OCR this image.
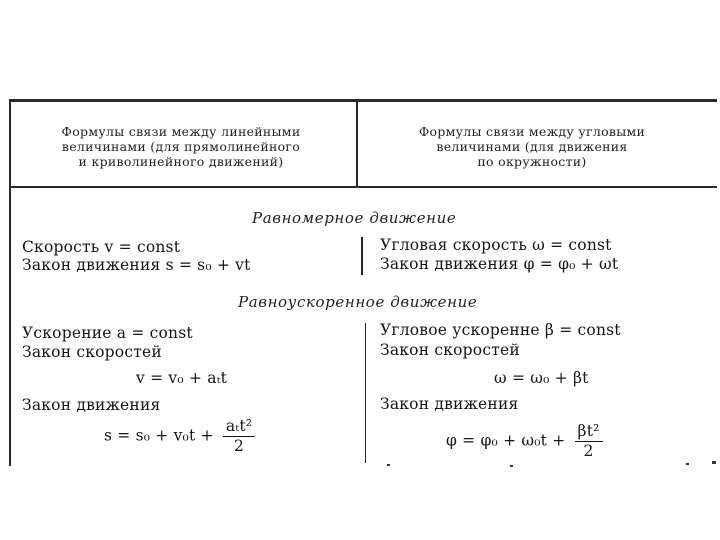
Формулы связи между линейными
величинами (для прямолинейного
и криволинейного движений)
Формулы связи между угловыми
величинами (для движения
по окружности)
Равномерное движение
Скорость v = const
Закон движения s = s₀ + vt
Угловая скорость ω = const
Закон движения φ = φ₀ + ωt
Равноускоренное движение
Ускорение a = const
Закон скоростей
v = v₀ + aₜt
Закон движения
$s = s_0 + v_0t + \frac{\text{aₜt²}}{2}$
Угловое ускоренне β = const
Закон скоростей
ω = ω₀ + βt
Закон движения
$\varphi = \varphi_0 + \omega_0t + \frac{\text{βt²}}{2}$
